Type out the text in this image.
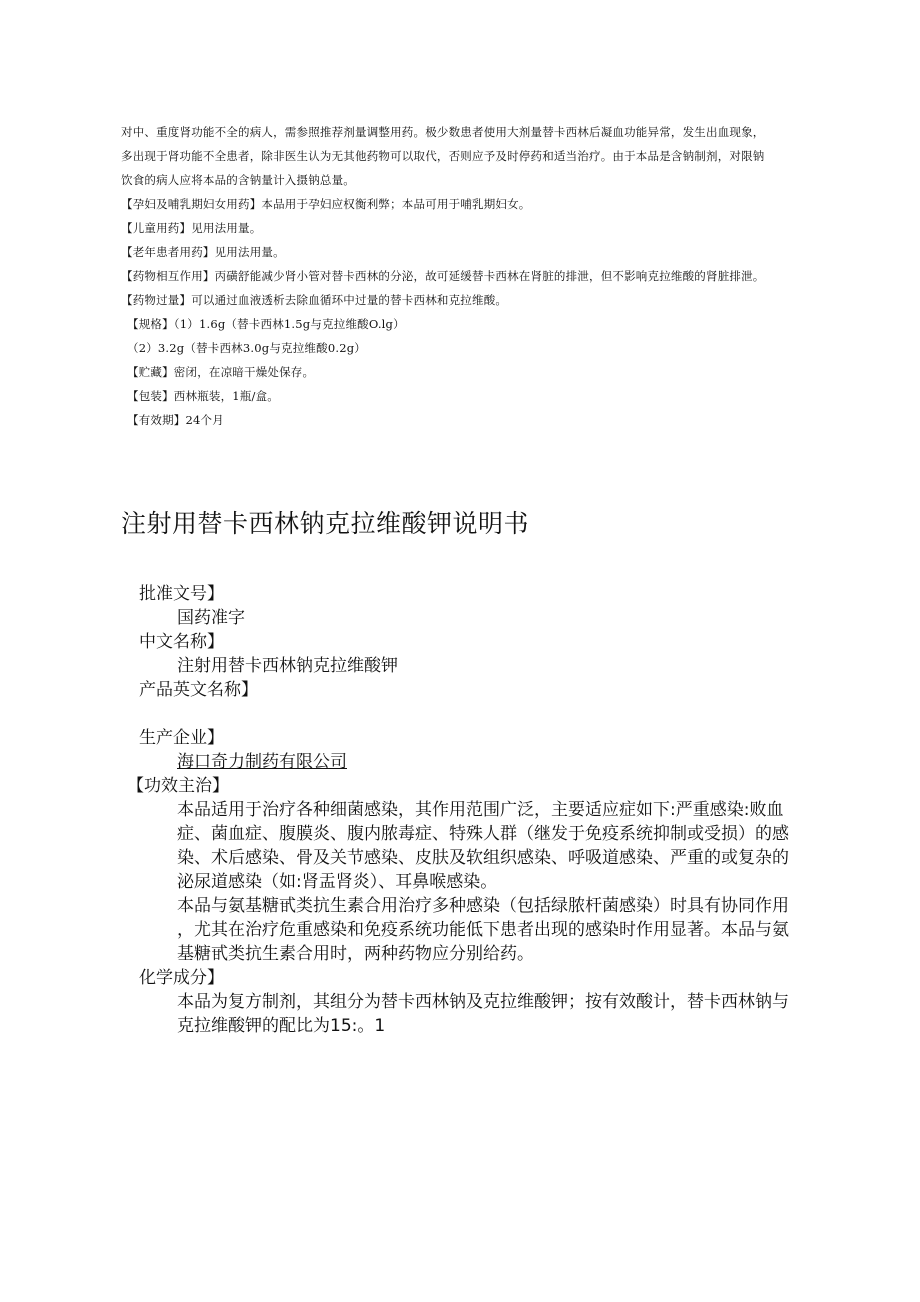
对中、重度肾功能不全的病人，需参照推荐剂量调整用药。极少数患者使用大剂量替卡西林后凝血功能异常，发生出血现象，
多出现于肾功能不全患者，除非医生认为无其他药物可以取代，否则应予及时停药和适当治疗。由于本品是含钠制剂，对限钠
饮食的病人应将本品的含钠量计入摄钠总量。
【孕妇及哺乳期妇女用药】本品用于孕妇应权衡利弊；本品可用于哺乳期妇女。
【儿童用药】见用法用量。
【老年患者用药】见用法用量。
【药物相互作用】丙磺舒能减少肾小管对替卡西林的分泌，故可延缓替卡西林在肾脏的排泄，但不影响克拉维酸的肾脏排泄。
【药物过量】可以通过血液透析去除血循环中过量的替卡西林和克拉维酸。
【规格】（1）1.6g（替卡西林1.5g与克拉维酸O.lg）
（2）3.2g（替卡西林3.0g与克拉维酸0.2g）
【贮藏】密闭，在凉暗干燥处保存。
【包装】西林瓶装，1瓶/盒。
【有效期】24个月
注射用替卡西林钠克拉维酸钾说明书
批准文号】
国药准字
中文名称】
注射用替卡西林钠克拉维酸钾
产品英文名称】
生产企业】
海口奇力制药有限公司
【功效主治】
本品适用于治疗各种细菌感染，其作用范围广泛，主要适应症如下:严重感染:败血
症、菌血症、腹膜炎、腹内脓毒症、特殊人群（继发于免疫系统抑制或受损）的感
染、术后感染、骨及关节感染、皮肤及软组织感染、呼吸道感染、严重的或复杂的
泌尿道感染（如:肾盂肾炎）、耳鼻喉感染。
本品与氨基糖甙类抗生素合用治疗多种感染（包括绿脓杆菌感染）时具有协同作用
，尤其在治疗危重感染和免疫系统功能低下患者出现的感染时作用显著。本品与氨
基糖甙类抗生素合用时，两种药物应分别给药。
化学成分】
本品为复方制剂，其组分为替卡西林钠及克拉维酸钾；按有效酸计，替卡西林钠与
克拉维酸钾的配比为15:。1
